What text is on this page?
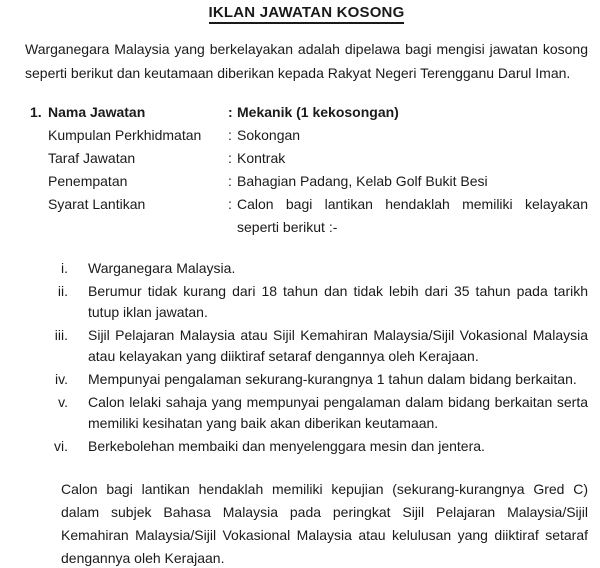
IKLAN JAWATAN KOSONG

Warganegara Malaysia yang berkelayakan adalah dipelawa bagi mengisi jawatan kosong seperti berikut dan keutamaan diberikan kepada Rakyat Negeri Terengganu Darul Iman.

1. Nama Jawatan	: Mekanik (1 kekosongan)
Kumpulan Perkhidmatan	: Sokongan
Taraf Jawatan	: Kontrak
Penempatan	: Bahagian Padang, Kelab Golf Bukit Besi
Syarat Lantikan	: Calon bagi lantikan hendaklah memiliki kelayakan seperti berikut :-
i. Warganegara Malaysia.
ii. Berumur tidak kurang dari 18 tahun dan tidak lebih dari 35 tahun pada tarikh tutup iklan jawatan.
iii. Sijil Pelajaran Malaysia atau Sijil Kemahiran Malaysia/Sijil Vokasional Malaysia atau kelayakan yang diiktiraf setaraf dengannya oleh Kerajaan.
iv. Mempunyai pengalaman sekurang-kurangnya 1 tahun dalam bidang berkaitan.
v. Calon lelaki sahaja yang mempunyai pengalaman dalam bidang berkaitan serta memiliki kesihatan yang baik akan diberikan keutamaan.
vi. Berkebolehan membaiki dan menyelenggara mesin dan jentera.

Calon bagi lantikan hendaklah memiliki kepujian (sekurang-kurangnya Gred C) dalam subjek Bahasa Malaysia pada peringkat Sijil Pelajaran Malaysia/Sijil Kemahiran Malaysia/Sijil Vokasional Malaysia atau kelulusan yang diiktiraf setaraf dengannya oleh Kerajaan.
